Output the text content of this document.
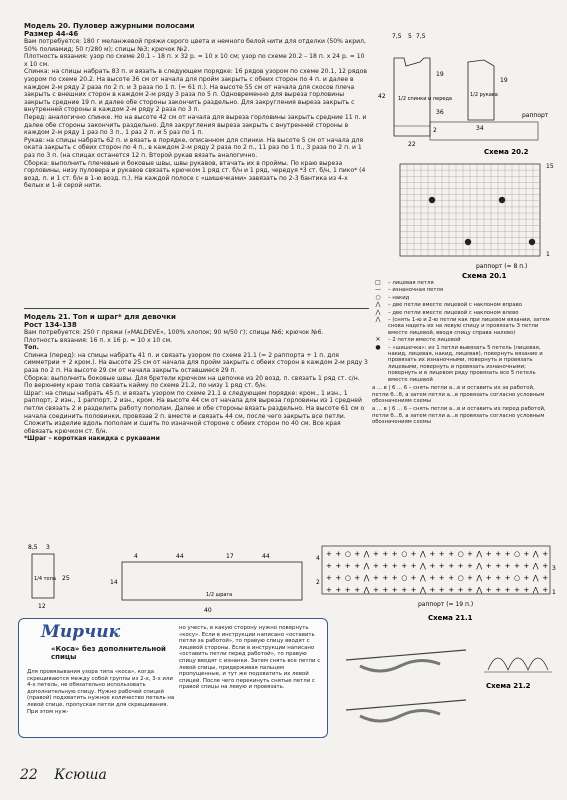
Модель 20. Пуловер ажурными полосами

Размер 44-46

Вам потребуется: 180 г меланжевой пряжи серого цвета и немного белой нити для отделки (50% акрил, 50% полиамид; 50 г/280 м); спицы №3; крючок №2.

Плотность вязания: узор по схеме 20.1 – 18 п. х 32 р. = 10 х 10 см; узор по схеме 20.2 – 18 п. х 24 р. = 10 х 10 см.

Спинка: на спицы набрать 83 п. и вязать в следующем порядке: 16 рядов узором по схеме 20.1, 12 рядов узором по схеме 20.2. На высоте 36 см от начала для пройм закрыть с обеих сторон по 4 п. и далее в каждом 2-м ряду 2 раза по 2 п. и 3 раза по 1 п. (= 61 п.). На высоте 55 см от начала для скосов плеча закрыть с внешних сторон в каждом 2-м ряду 3 раза по 5 п. Одновременно для выреза горловины закрыть средние 19 п. и далее обе стороны закончить раздельно. Для закругления выреза закрыть с внутренней стороны в каждом 2-м ряду 2 раза по 3 п.

Перед: аналогично спинке. Но на высоте 42 см от начала для выреза горловины закрыть средние 11 п. и далее обе стороны закончить раздельно. Для закругления выреза закрыть с внутренней стороны в каждом 2-м ряду 1 раз по 3 п., 1 раз 2 п. и 5 раз по 1 п.

Рукав: на спицы набрать 62 п. и вязать в порядке, описанном для спинки. На высоте 5 см от начала для оката закрыть с обеих сторон по 4 п., в каждом 2-м ряду 2 раза по 2 п., 11 раз по 1 п., 3 раза по 2 п. и 1 раз по 3 п. (на спицах останется 12 п. Второй рукав вязать аналогично.

Сборка: выполнить плечевые и боковые швы, швы рукавов, втачать их в проймы. По краю выреза горловины, низу пуловера и рукавов связать крючком 1 ряд ст. б/н и 1 ряд, чередуя *3 ст. б/н, 1 пико* (4 возд. п. и 1 ст. б/н в 1-ю возд. п.). На каждой полосе с «шишечками» завязать по 2-3 бантика из 4-х белых и 1-й серой нити.

Модель 21. Топ и шраг* для девочки

Рост 134-138

Вам потребуется: 250 г пряжи («MALDEVE», 100% хлопок; 90 м/50 г); спицы №6; крючок №6.

Плотность вязания: 16 п. х 16 р. = 10 х 10 см.

Топ.

Спинка (перед): на спицы набрать 41 п. и связать узором по схеме 21.1 (= 2 раппорта + 1 п. для симметрии + 2 кром.). На высоте 25 см от начала для пройм закрыть с обеих сторон в каждом 2-м ряду 3 раза по 2 п. На высоте 29 см от начала закрыть оставшиеся 29 п.

Сборка: выполнить боковые швы. Для бретели крючком на цепочке из 20 возд. п. связать 1 ряд ст. с/н. По верхнему краю топа связать кайму по схеме 21.2, по низу 1 ряд ст. б/н.

Шраг: на спицы набрать 45 п. и вязать узором по схеме 21.1 в следующем порядке: кром., 1 изн., 1 раппорт, 2 изн., 1 раппорт, 2 изн., кром. На высоте 44 см от начала для выреза горловины из 1 средней петли связать 2 и разделить работу пополам. Далее и обе стороны вязать раздельно. На высоте 61 см о начала соединить половинки, провязав 2 п. вместе и связать 44 см, после чего закрыть все петли. Сложить изделие вдоль пополам и сшить по изначной стороне с обеих сторон по 40 см. Все края обвязать крючком ст. б/н.

*Шраг – короткая накидка с рукавами

7,5 5 7,5
42
19
36
2
22
1/2 спинки и переда
1/2 рукава
19
34
раппорт
Схема 20.2
15
1
раппорт (= 8 п.)
Схема 20.1
□	– лицевая петля
—	– изнаночная петля
○	– накид
⋀	– две петли вместе лицевой с наклоном вправо
⋀	– две петли вместе лицевой с наклоном влево
⋀	– (снять 1-ю и 2-ю петли как при лицевом вязании, затем снова надеть их на левую спицу и провязать 3 петли вместе лицевой, вводя спицу справа налево)
✕	– 2 петли вместе лицевой
●	– «шишечка»: из 1 петли вывязать 5 петель (лицевая, накид, лицевая, накид, лицевая), повернуть вязание и провязать их изнаночными, повернуть и провязать лицевыми, повернуть и провязать изнаночными; повернуть и в лицевом ряду провязать все 5 петель вместе лицевой
а ... в | 6 ... 6 – снять петли а...в и оставить их за работой, петли б...б, а затем петли а...в провязать согласно условным обозначениям схемы
а ... в | 6 ... 6 – снять петли а...в и оставить их перед работой, петли б...б, а затем петли а...в провязать согласно условным обозначениям схемы
8,5 3
1/4 топа 25
12
4	44	17	44
14
1/2 шрага
40
+ + ○ + ⋀ + + + ○ + ⋀ + + + ○ + ⋀ + + + ○ + ⋀ +
+ + + + ⋀ + + + + + ⋀ + + + + + ⋀ + + + + + ⋀ +
+ + ○ + ⋀ + + + ○ + ⋀ + + + ○ + ⋀ + + + ○ + ⋀ +
+ + + + ⋀ + + + + + ⋀ + + + + + ⋀ + + + + + ⋀ +
4
2
3
1
раппорт (= 19 п.)
Схема 21.1
Схема 21.2
Мирчик
«Коса» без дополнительной спицы
Для провязывания узора типа «коса», когда скрещиваются между собой группы из 2-х, 3-х или 4-х петель, не обязательно использовать дополнительную спицу. Нужно рабочей спицей (правой) подхватить нужное количество петель на левой спице, пропуская петли для скрещивания. При этом нуж-
но учесть, в какую сторону нужно повернуть «косу». Если в инструкции написано «оставить петли за работой», то правую спицу вводят с лицевой стороны. Если в инструкции написано «оставить петли перед работой», то правую спицу вводят с изнанки. Затем снять все петли с левой спицы, придерживая пальцем пропущенные, и тут же подхватить их левой спицей. После чего перекинуть снятые петли с правой спицы на левую и провязать.
22 Ксюша
